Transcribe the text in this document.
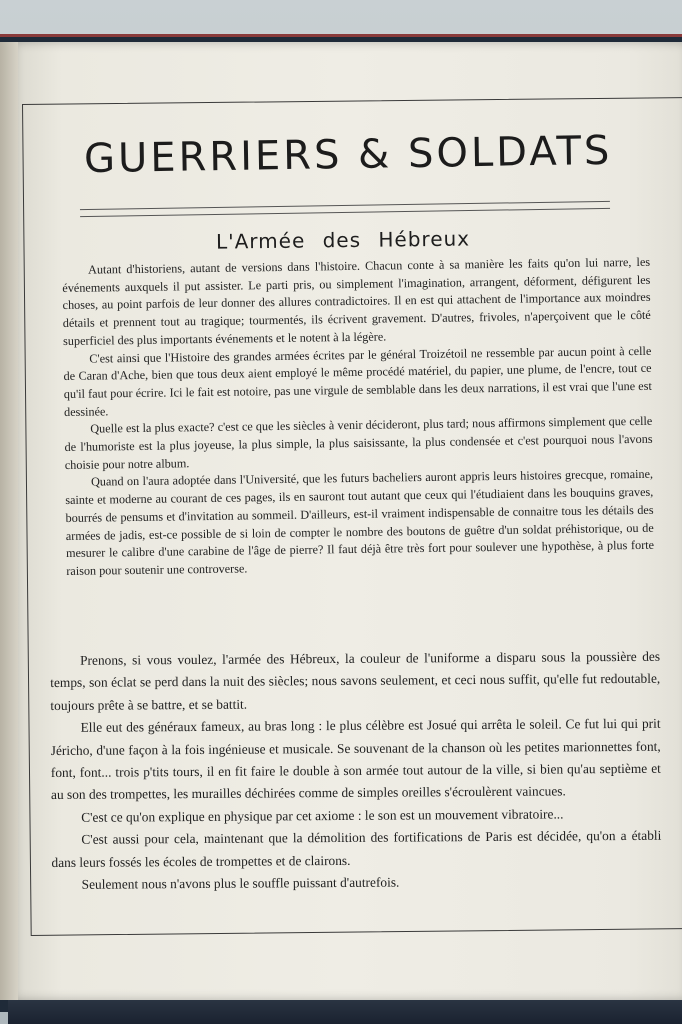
GUERRIERS & SOLDATS
L'Armée des Hébreux

Autant d'historiens, autant de versions dans l'histoire. Chacun conte à sa manière les faits qu'on lui narre, les événements auxquels il put assister. Le parti pris, ou simplement l'imagination, arrangent, déforment, défigurent les choses, au point parfois de leur donner des allures contradictoires. Il en est qui attachent de l'importance aux moindres détails et prennent tout au tragique; tourmentés, ils écrivent gravement. D'autres, frivoles, n'aperçoivent que le côté superficiel des plus importants événements et le notent à la légère.

C'est ainsi que l'Histoire des grandes armées écrites par le général Troizétoil ne ressemble par aucun point à celle de Caran d'Ache, bien que tous deux aient employé le même procédé matériel, du papier, une plume, de l'encre, tout ce qu'il faut pour écrire. Ici le fait est notoire, pas une virgule de semblable dans les deux narrations, il est vrai que l'une est dessinée.

Quelle est la plus exacte? c'est ce que les siècles à venir décideront, plus tard; nous affirmons simplement que celle de l'humoriste est la plus joyeuse, la plus simple, la plus saisissante, la plus condensée et c'est pourquoi nous l'avons choisie pour notre album.

Quand on l'aura adoptée dans l'Université, que les futurs bacheliers auront appris leurs histoires grecque, romaine, sainte et moderne au courant de ces pages, ils en sauront tout autant que ceux qui l'étudiaient dans les bouquins graves, bourrés de pensums et d'invitation au sommeil. D'ailleurs, est-il vraiment indispensable de connaitre tous les détails des armées de jadis, est-ce possible de si loin de compter le nombre des boutons de guêtre d'un soldat préhistorique, ou de mesurer le calibre d'une carabine de l'âge de pierre? Il faut déjà être très fort pour soulever une hypothèse, à plus forte raison pour soutenir une controverse.

Prenons, si vous voulez, l'armée des Hébreux, la couleur de l'uniforme a disparu sous la poussière des temps, son éclat se perd dans la nuit des siècles; nous savons seulement, et ceci nous suffit, qu'elle fut redoutable, toujours prête à se battre, et se battit.

Elle eut des généraux fameux, au bras long : le plus célèbre est Josué qui arrêta le soleil. Ce fut lui qui prit Jéricho, d'une façon à la fois ingénieuse et musicale. Se souvenant de la chanson où les petites marionnettes font, font, font... trois p'tits tours, il en fit faire le double à son armée tout autour de la ville, si bien qu'au septième et au son des trompettes, les murailles déchirées comme de simples oreilles s'écroulèrent vaincues.

C'est ce qu'on explique en physique par cet axiome : le son est un mouvement vibratoire...

C'est aussi pour cela, maintenant que la démolition des fortifications de Paris est décidée, qu'on a établi dans leurs fossés les écoles de trompettes et de clairons.

Seulement nous n'avons plus le souffle puissant d'autrefois.
